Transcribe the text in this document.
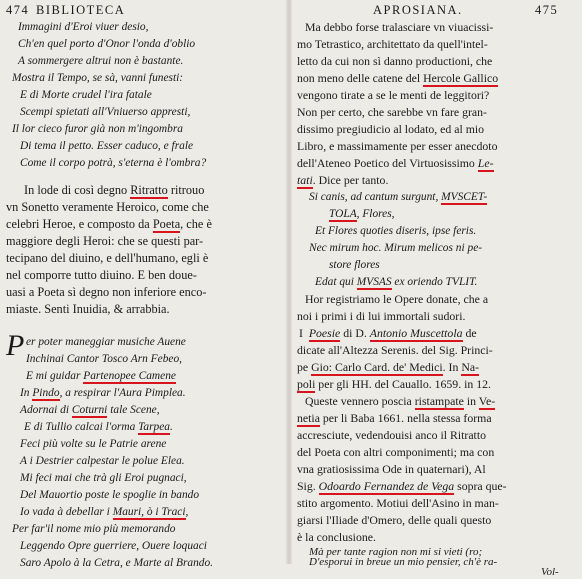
474 BIBLIOTECA
Immagini d'Eroi viuer desio,
Ch'en quel porto d'Onor l'onda d'oblio
A sommergere altrui non è bastante.
Mostra il Tempo, se sà, vanni funesti:
E di Morte crudel l'ira fatale
Scempi spietati all'Vniuerso appresti,
Il lor cieco furor già non m'ingombra
Di tema il petto. Esser caduco, e frale
Come il corpo potrà, s'eterna è l'ombra?
In lode di così degno Ritratto ritrouo
vn Sonetto veramente Heroico, come che
celebri Heroe, e composto da Poeta, che è
maggiore degli Heroi: che se questi par-
tecipano del diuino, e dell'humano, egli è
nel comporre tutto diuino. E ben doue-
uasi a Poeta sì degno non inferiore enco-
miaste. Senti Inuidia, & arrabbia.
P er poter maneggiar musiche Auene
Inchinai Cantor Tosco Arn Febeo,
E mi guidar Partenopee Camene
In Pindo, a respirar l'Aura Pimplea.
Adornai di Coturni tale Scene,
E di Tullio calcai l'orma Tarpea.
Feci più volte su le Patrie arene
A i Destrier calpestar le polue Elea.
Mi feci mai che trà gli Eroi pugnaci,
Del Mauortio poste le spoglie in bando
Io vada à debellar i Mauri, ò i Traci,
Per far'il nome mio più memorando
Leggendo Opre guerriere, Ouere loquaci
Saro Apolo à la Cetra, e Marte al Brando.
APROSIANA.	475
Ma debbo forse tralasciare vn viuacissi-
mo Tetrastico, architettato da quell'intel-
letto da cui non sì danno productioni, che
non meno delle catene del Hercole Gallico
vengono tirate a se le menti de leggitori?
Non per certo, che sarebbe vn fare gran-
dissimo pregiudicio al lodato, ed al mio
Libro, e massimamente per esser anecdoto
dell'Ateneo Poetico del Virtuosissimo Le-
tati. Dice per tanto.
Si canis, ad cantum surgunt, MVSCET-
TOLA, Flores,
Et Flores quoties diseris, ipse feris.
Nec mirum hoc. Mirum melicos ni pe-
store flores
Edat qui MVSAS ex oriendo TVLIT.
Hor registriamo le Opere donate, che a
noi i primi i di lui immortali sudori.
I  Poesie di D. Antonio Muscettola de
dicate all'Altezza Serenis. del Sig. Princi-
pe Gio: Carlo Card. de' Medici. In Na-
poli per gli HH. del Cauallo. 1659. in 12.
Queste vennero poscia ristampate in Ve-
netia per li Baba 1661. nella stessa forma
accresciute, vedendouisi anco il Ritratto
del Poeta con altri componimenti; ma con
vna gratiosissima Ode in quaternari), Al
Sig. Odoardo Fernandez de Vega sopra que-
stito argomento. Motiui dell'Asino in man-
giarsi l'Iliade d'Omero, delle quali questo
è la conclusione.
Mà per tante ragion non mi si vieti (ro;
D'esporui in breue un mio pensier, ch'è ra-
Vol-
